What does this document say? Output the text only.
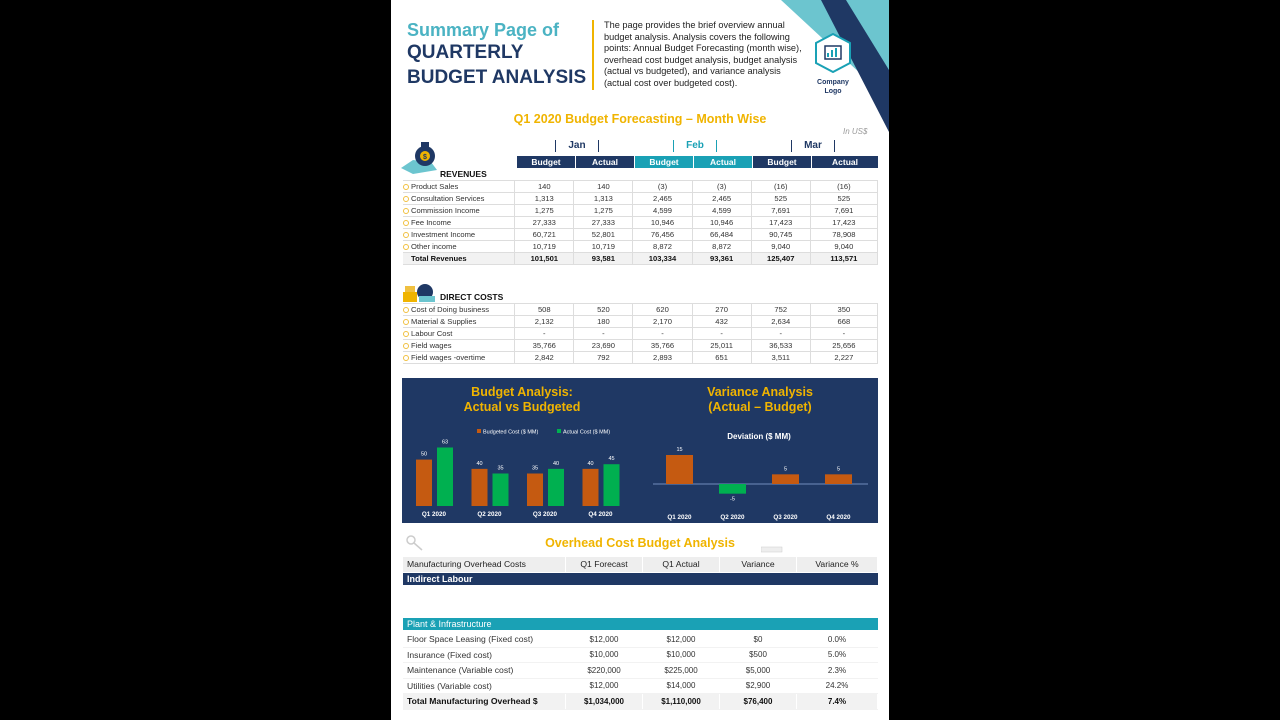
Summary Page of
QUARTERLY
BUDGET ANALYSIS
The page provides the brief overview annual budget analysis. Analysis covers the following points: Annual Budget Forecasting (month wise), overhead cost budget analysis, budget analysis (actual vs budgeted), and variance analysis (actual cost over budgeted cost).	Company
Logo
Q1 2020 Budget Forecasting – Month Wise
In US$
Jan	Feb	Mar
Budget	Actual	Budget	Actual	Budget	Actual
$
REVENUES
Product Sales	140	140	(3)	(3)	(16)	(16)
Consultation Services	1,313	1,313	2,465	2,465	525	525
Commission Income	1,275	1,275	4,599	4,599	7,691	7,691
Fee Income	27,333	27,333	10,946	10,946	17,423	17,423
Investment Income	60,721	52,801	76,456	66,484	90,745	78,908
Other income	10,719	10,719	8,872	8,872	9,040	9,040
Total Revenues	101,501	93,581	103,334	93,361	125,407	113,571
DIRECT COSTS
Cost of Doing business	508	520	620	270	752	350
Material & Supplies	2,132	180	2,170	432	2,634	668
Labour Cost	-	-	-	-	-	-
Field wages	35,766	23,690	35,766	25,011	36,533	25,656
Field wages -overtime	2,842	792	2,893	651	3,511	2,227
Budget Analysis:
Actual vs Budgeted
Variance Analysis
(Actual – Budget)
Budgeted Cost ($ MM)	Actual Cost ($ MM)
50
63
Q1 2020
40
35
Q2 2020
35
40
Q3 2020
40
45
Q4 2020
Deviation ($ MM)
15
Q1 2020
-5
Q2 2020
5
Q3 2020
5
Q4 2020
Overhead Cost Budget Analysis
Manufacturing Overhead Costs	Q1 Forecast	Q1 Actual	Variance	Variance %
Indirect Labour
Plant & Infrastructure
Floor Space Leasing (Fixed cost)	$12,000	$12,000	$0	0.0%
Insurance (Fixed cost)	$10,000	$10,000	$500	5.0%
Maintenance (Variable cost)	$220,000	$225,000	$5,000	2.3%
Utilities (Variable cost)	$12,000	$14,000	$2,900	24.2%
Total Manufacturing Overhead $	$1,034,000	$1,110,000	$76,400	7.4%
